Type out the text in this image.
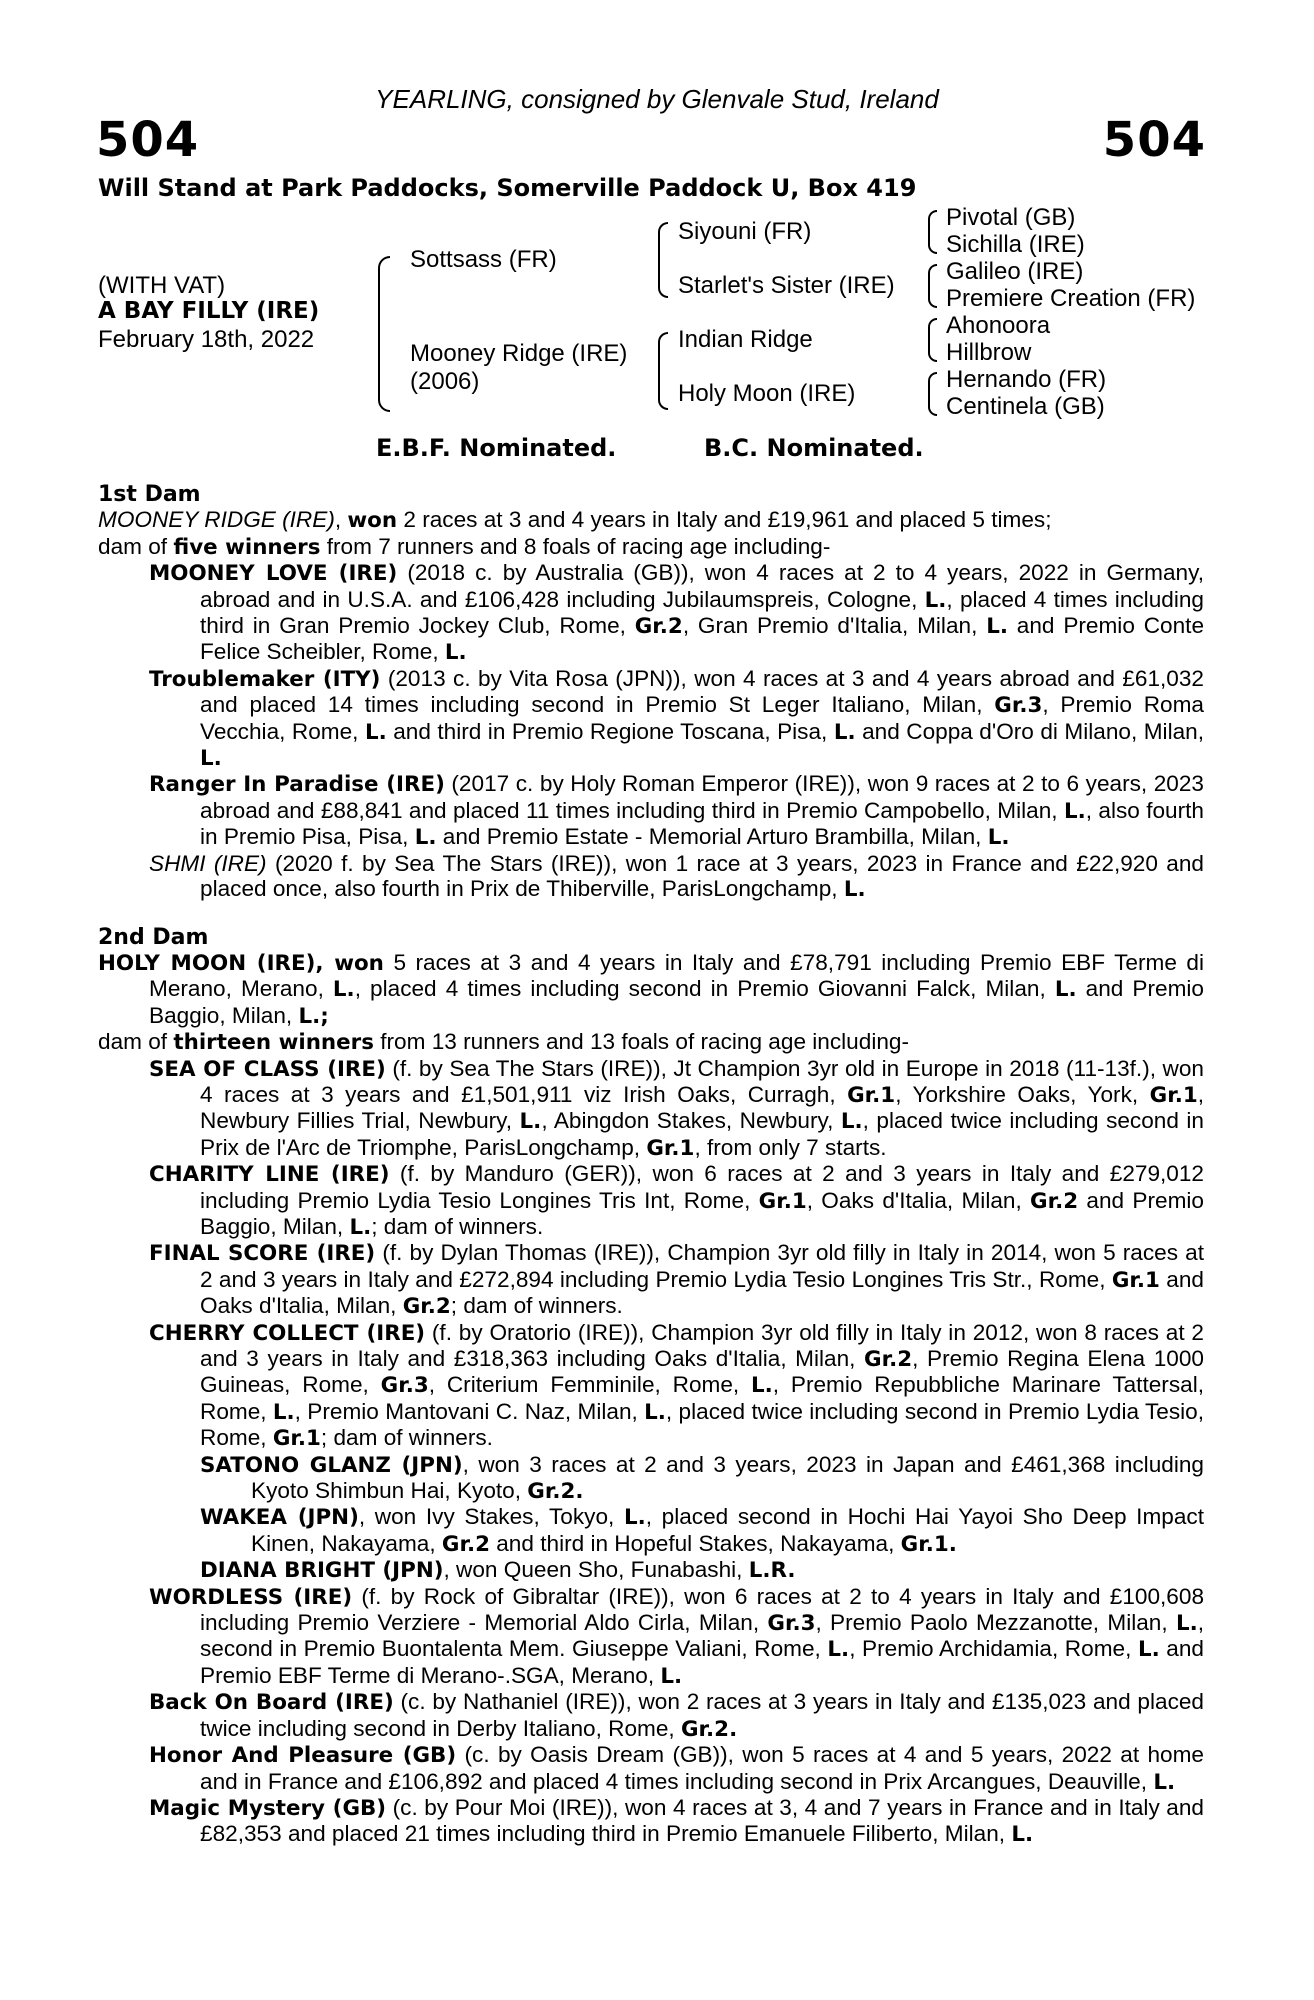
YEARLING, consigned by Glenvale Stud, Ireland
504	504
Will Stand at Park Paddocks, Somerville Paddock U, Box 419
(WITH VAT)
A BAY FILLY (IRE)
February 18th, 2022
Sottsass (FR)
Mooney Ridge (IRE)
(2006)
Siyouni (FR)
Starlet's Sister (IRE)
Indian Ridge
Holy Moon (IRE)
Pivotal (GB)
Sichilla (IRE)
Galileo (IRE)
Premiere Creation (FR)
Ahonoora
Hillbrow
Hernando (FR)
Centinela (GB)
E.B.F. Nominated.	B.C. Nominated.
1st Dam

MOONEY RIDGE (IRE), won 2 races at 3 and 4 years in Italy and £19,961 and placed 5 times;

dam of five winners from 7 runners and 8 foals of racing age including-

MOONEY LOVE (IRE) (2018 c. by Australia (GB)), won 4 races at 2 to 4 years, 2022 in Germany, abroad and in U.S.A. and £106,428 including Jubilaumspreis, Cologne, L., placed 4 times including third in Gran Premio Jockey Club, Rome, Gr.2, Gran Premio d'Italia, Milan, L. and Premio Conte Felice Scheibler, Rome, L.

Troublemaker (ITY) (2013 c. by Vita Rosa (JPN)), won 4 races at 3 and 4 years abroad and £61,032 and placed 14 times including second in Premio St Leger Italiano, Milan, Gr.3, Premio Roma Vecchia, Rome, L. and third in Premio Regione Toscana, Pisa, L. and Coppa d'Oro di Milano, Milan, L.

Ranger In Paradise (IRE) (2017 c. by Holy Roman Emperor (IRE)), won 9 races at 2 to 6 years, 2023 abroad and £88,841 and placed 11 times including third in Premio Campobello, Milan, L., also fourth in Premio Pisa, Pisa, L. and Premio Estate - Memorial Arturo Brambilla, Milan, L.

SHMI (IRE) (2020 f. by Sea The Stars (IRE)), won 1 race at 3 years, 2023 in France and £22,920 and placed once, also fourth in Prix de Thiberville, ParisLongchamp, L.

2nd Dam

HOLY MOON (IRE), won 5 races at 3 and 4 years in Italy and £78,791 including Premio EBF Terme di Merano, Merano, L., placed 4 times including second in Premio Giovanni Falck, Milan, L. and Premio Baggio, Milan, L.;

dam of thirteen winners from 13 runners and 13 foals of racing age including-

SEA OF CLASS (IRE) (f. by Sea The Stars (IRE)), Jt Champion 3yr old in Europe in 2018 (11-13f.), won 4 races at 3 years and £1,501,911 viz Irish Oaks, Curragh, Gr.1, Yorkshire Oaks, York, Gr.1, Newbury Fillies Trial, Newbury, L., Abingdon Stakes, Newbury, L., placed twice including second in Prix de l'Arc de Triomphe, ParisLongchamp, Gr.1, from only 7 starts.

CHARITY LINE (IRE) (f. by Manduro (GER)), won 6 races at 2 and 3 years in Italy and £279,012 including Premio Lydia Tesio Longines Tris Int, Rome, Gr.1, Oaks d'Italia, Milan, Gr.2 and Premio Baggio, Milan, L.; dam of winners.

FINAL SCORE (IRE) (f. by Dylan Thomas (IRE)), Champion 3yr old filly in Italy in 2014, won 5 races at 2 and 3 years in Italy and £272,894 including Premio Lydia Tesio Longines Tris Str., Rome, Gr.1 and Oaks d'Italia, Milan, Gr.2; dam of winners.

CHERRY COLLECT (IRE) (f. by Oratorio (IRE)), Champion 3yr old filly in Italy in 2012, won 8 races at 2 and 3 years in Italy and £318,363 including Oaks d'Italia, Milan, Gr.2, Premio Regina Elena 1000 Guineas, Rome, Gr.3, Criterium Femminile, Rome, L., Premio Repubbliche Marinare Tattersal, Rome, L., Premio Mantovani C. Naz, Milan, L., placed twice including second in Premio Lydia Tesio, Rome, Gr.1; dam of winners.

SATONO GLANZ (JPN), won 3 races at 2 and 3 years, 2023 in Japan and £461,368 including Kyoto Shimbun Hai, Kyoto, Gr.2.

WAKEA (JPN), won Ivy Stakes, Tokyo, L., placed second in Hochi Hai Yayoi Sho Deep Impact Kinen, Nakayama, Gr.2 and third in Hopeful Stakes, Nakayama, Gr.1.

DIANA BRIGHT (JPN), won Queen Sho, Funabashi, L.R.

WORDLESS (IRE) (f. by Rock of Gibraltar (IRE)), won 6 races at 2 to 4 years in Italy and £100,608 including Premio Verziere - Memorial Aldo Cirla, Milan, Gr.3, Premio Paolo Mezzanotte, Milan, L., second in Premio Buontalenta Mem. Giuseppe Valiani, Rome, L., Premio Archidamia, Rome, L. and Premio EBF Terme di Merano-.SGA, Merano, L.

Back On Board (IRE) (c. by Nathaniel (IRE)), won 2 races at 3 years in Italy and £135,023 and placed twice including second in Derby Italiano, Rome, Gr.2.

Honor And Pleasure (GB) (c. by Oasis Dream (GB)), won 5 races at 4 and 5 years, 2022 at home and in France and £106,892 and placed 4 times including second in Prix Arcangues, Deauville, L.

Magic Mystery (GB) (c. by Pour Moi (IRE)), won 4 races at 3, 4 and 7 years in France and in Italy and £82,353 and placed 21 times including third in Premio Emanuele Filiberto, Milan, L.
